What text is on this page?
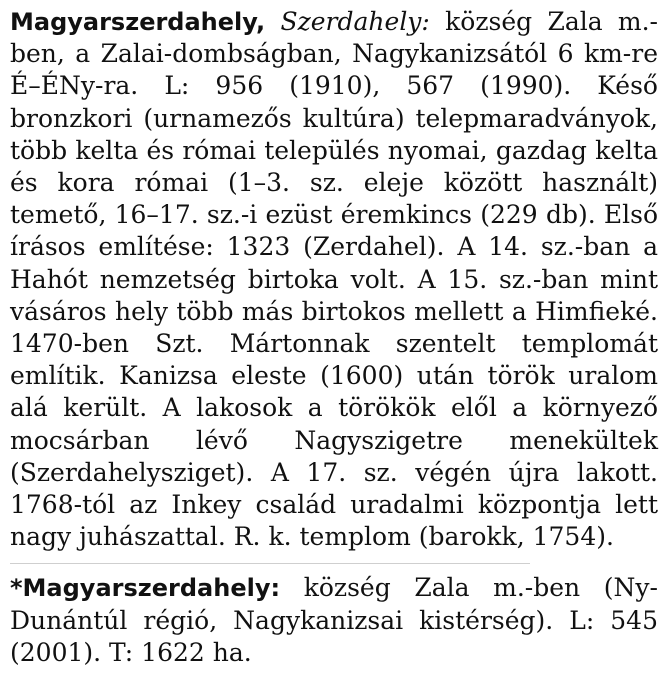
Magyarszerdahely, Szerdahely: község Zala m.-ben, a Zalai-dombságban, Nagykanizsától 6 km-re É–ÉNy-ra. L: 956 (1910), 567 (1990). Késő bronzkori (urnamezős kultúra) telepmaradványok, több kelta és római település nyomai, gazdag kelta és kora római (1–3. sz. eleje között használt) temető, 16–17. sz.-i ezüst éremkincs (229 db). Első írásos említése: 1323 (Zerdahel). A 14. sz.-ban a Hahót nemzetség birtoka volt. A 15. sz.-ban mint vásáros hely több más birtokos mellett a Himfieké. 1470-ben Szt. Mártonnak szentelt templomát említik. Kanizsa eleste (1600) után török uralom alá került. A lakosok a törökök elől a környező mocsárban lévő Nagyszigetre menekültek (Szerdahelysziget). A 17. sz. végén újra lakott. 1768-tól az Inkey család uradalmi központja lett nagy juhászattal. R. k. templom (barokk, 1754).

*Magyarszerdahely: község Zala m.-ben (Ny-Dunántúl régió, Nagykanizsai kistérség). L: 545 (2001). T: 1622 ha.
